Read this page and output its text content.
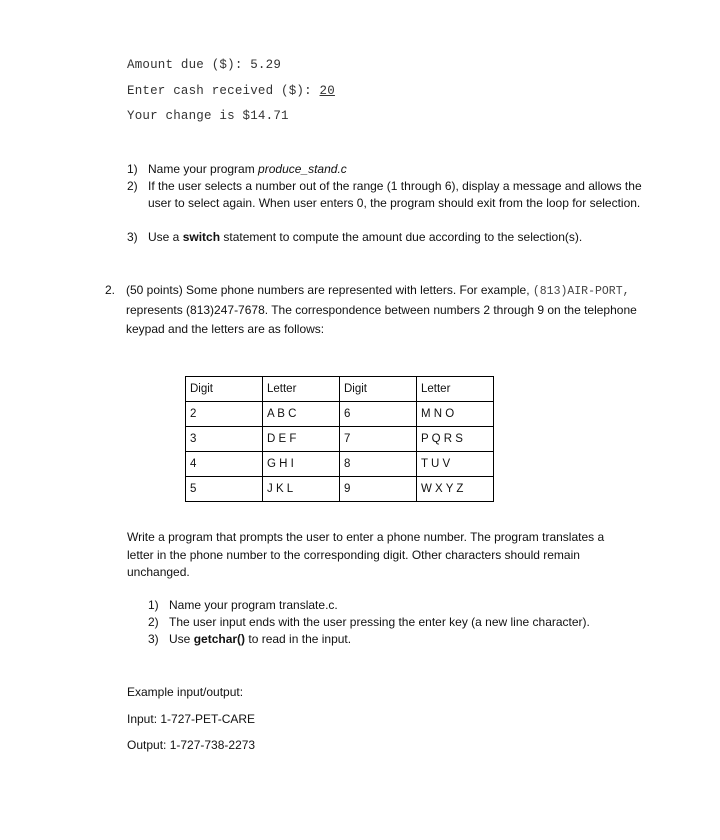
Amount due ($): 5.29
Enter cash received ($): 20
Your change is $14.71
1) Name your program produce_stand.c
2) If the user selects a number out of the range (1 through 6), display a message and allows the user to select again. When user enters 0, the program should exit from the loop for selection.
3) Use a switch statement to compute the amount due according to the selection(s).
2. (50 points) Some phone numbers are represented with letters. For example, (813)AIR-PORT, represents (813)247-7678. The correspondence between numbers 2 through 9 on the telephone keypad and the letters are as follows:
Digit	Letter	Digit	Letter
2	A B C	6	M N O
3	D E F	7	P Q R S
4	G H I	8	T U V
5	J K L	9	W X Y Z
Write a program that prompts the user to enter a phone number. The program translates a letter in the phone number to the corresponding digit. Other characters should remain unchanged.
1) Name your program translate.c.
2) The user input ends with the user pressing the enter key (a new line character).
3) Use getchar() to read in the input.
Example input/output:
Input: 1-727-PET-CARE
Output: 1-727-738-2273
